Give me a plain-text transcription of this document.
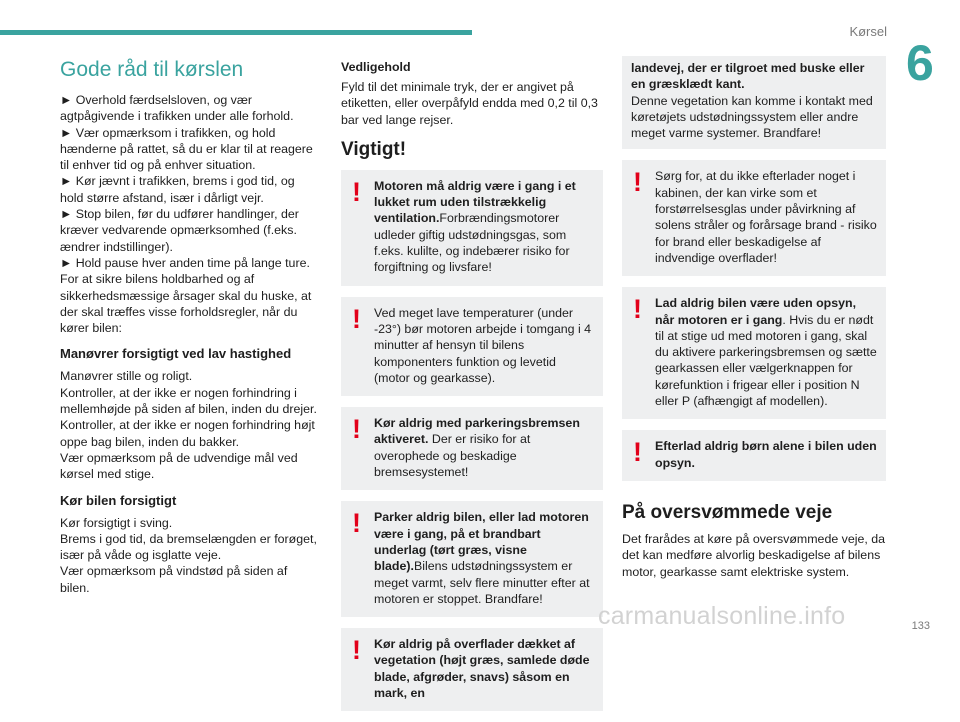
Kørsel
6
Gode råd til kørslen
► Overhold færdselsloven, og vær agtpågivende i trafikken under alle forhold.
► Vær opmærksom i trafikken, og hold hænderne på rattet, så du er klar til at reagere til enhver tid og på enhver situation.
► Kør jævnt i trafikken, brems i god tid, og hold større afstand, især i dårligt vejr.
► Stop bilen, før du udfører handlinger, der kræver vedvarende opmærksomhed (f.eks. ændrer indstillinger).
► Hold pause hver anden time på lange ture.
For at sikre bilens holdbarhed og af sikkerhedsmæssige årsager skal du huske, at der skal træffes visse forholdsregler, når du kører bilen:
Manøvrer forsigtigt ved lav hastighed
Manøvrer stille og roligt.
Kontroller, at der ikke er nogen forhindring i mellemhøjde på siden af bilen, inden du drejer.
Kontroller, at der ikke er nogen forhindring højt oppe bag bilen, inden du bakker.
Vær opmærksom på de udvendige mål ved kørsel med stige.
Kør bilen forsigtigt
Kør forsigtigt i sving.
Brems i god tid, da bremselængden er forøget, især på våde og isglatte veje.
Vær opmærksom på vindstød på siden af bilen.
Vedligehold
Fyld til det minimale tryk, der er angivet på etiketten, eller overpåfyld endda med 0,2 til 0,3 bar ved lange rejser.
Vigtigt!
!	Motoren må aldrig være i gang i et lukket rum uden tilstrækkelig ventilation.Forbrændingsmotorer udleder giftig udstødningsgas, som f.eks. kulilte, og indebærer risiko for forgiftning og livsfare!
!	Ved meget lave temperaturer (under -23°) bør motoren arbejde i tomgang i 4 minutter af hensyn til bilens komponenters funktion og levetid (motor og gearkasse).
!	Kør aldrig med parkeringsbremsen aktiveret. Der er risiko for at overophede og beskadige bremsesystemet!
!	Parker aldrig bilen, eller lad motoren være i gang, på et brandbart underlag (tørt græs, visne blade).Bilens udstødningssystem er meget varmt, selv flere minutter efter at motoren er stoppet. Brandfare!
!	Kør aldrig på overflader dækket af vegetation (højt græs, samlede døde blade, afgrøder, snavs) såsom en mark, en
landevej, der er tilgroet med buske eller en græsklædt kant.
Denne vegetation kan komme i kontakt med køretøjets udstødningssystem eller andre meget varme systemer. Brandfare!
!	Sørg for, at du ikke efterlader noget i kabinen, der kan virke som et forstørrelsesglas under påvirkning af solens stråler og forårsage brand - risiko for brand eller beskadigelse af indvendige overflader!
!	Lad aldrig bilen være uden opsyn, når motoren er i gang. Hvis du er nødt til at stige ud med motoren i gang, skal du aktivere parkeringsbremsen og sætte gearkassen eller vælgerknappen for kørefunktion i frigear eller i position N eller P (afhængigt af modellen).
!	Efterlad aldrig børn alene i bilen uden opsyn.
På oversvømmede veje
Det frarådes at køre på oversvømmede veje, da det kan medføre alvorlig beskadigelse af bilens motor, gearkasse samt elektriske system.
carmanualsonline.info	133
